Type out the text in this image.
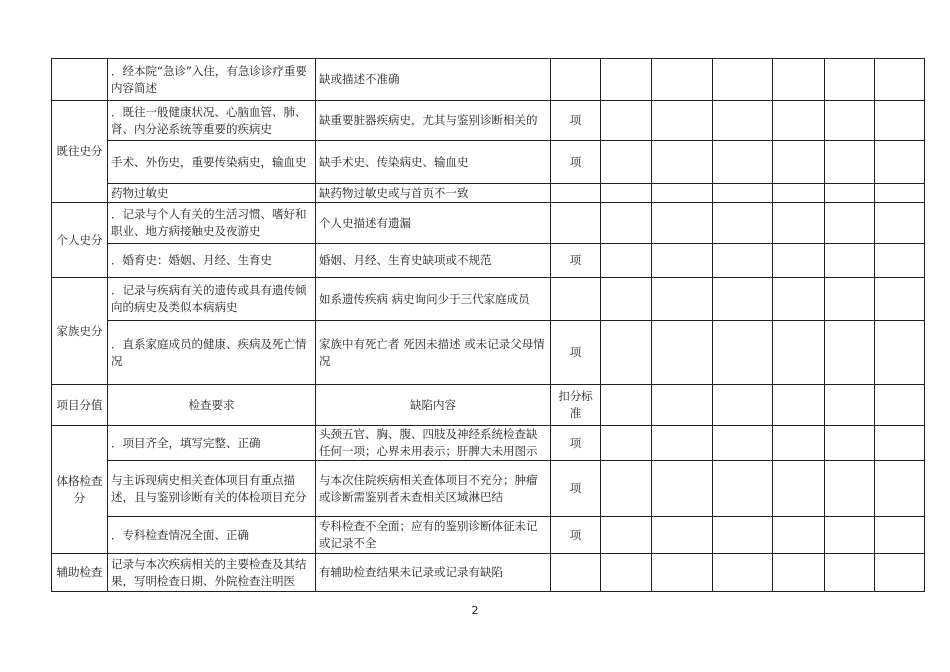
	．经本院“急诊”入住，有急诊诊疗重要内容简述	缺或描述不准确							
既往史分	．既往一般健康状况、心脑血管、肺、肾、内分泌系统等重要的疾病史	缺重要脏器疾病史，尤其与鉴别诊断相关的	项						
	手术、外伤史，重要传染病史，输血史	缺手术史、传染病史、输血史	项						
	药物过敏史	缺药物过敏史或与首页不一致							
个人史分	．记录与个人有关的生活习惯、嗜好和职业、地方病接触史及夜游史	个人史描述有遗漏							
	．婚育史：婚姻、月经、生育史	婚姻、月经、生育史缺项或不规范	项						
家族史分	．记录与疾病有关的遗传或具有遗传倾向的病史及类似本病病史	如系遗传疾病 病史询问少于三代家庭成员							
	．直系家庭成员的健康、疾病及死亡情况	家族中有死亡者 死因未描述 或未记录父母情况	项						
项目分值	检查要求	缺陷内容	扣分标准						
体格检查分	．项目齐全，填写完整、正确	头颈五官、胸、腹、四肢及神经系统检查缺任何一项；心界未用表示；肝脾大未用图示	项						
	与主诉现病史相关查体项目有重点描述，且与鉴别诊断有关的体检项目充分	与本次住院疾病相关查体项目不充分；肿瘤或诊断需鉴别者未查相关区域淋巴结	项						
	．专科检查情况全面、正确	专科检查不全面；应有的鉴别诊断体征未记或记录不全	项						
辅助检查	记录与本次疾病相关的主要检查及其结果，写明检查日期、外院检查注明医	有辅助检查结果未记录或记录有缺陷							
2
